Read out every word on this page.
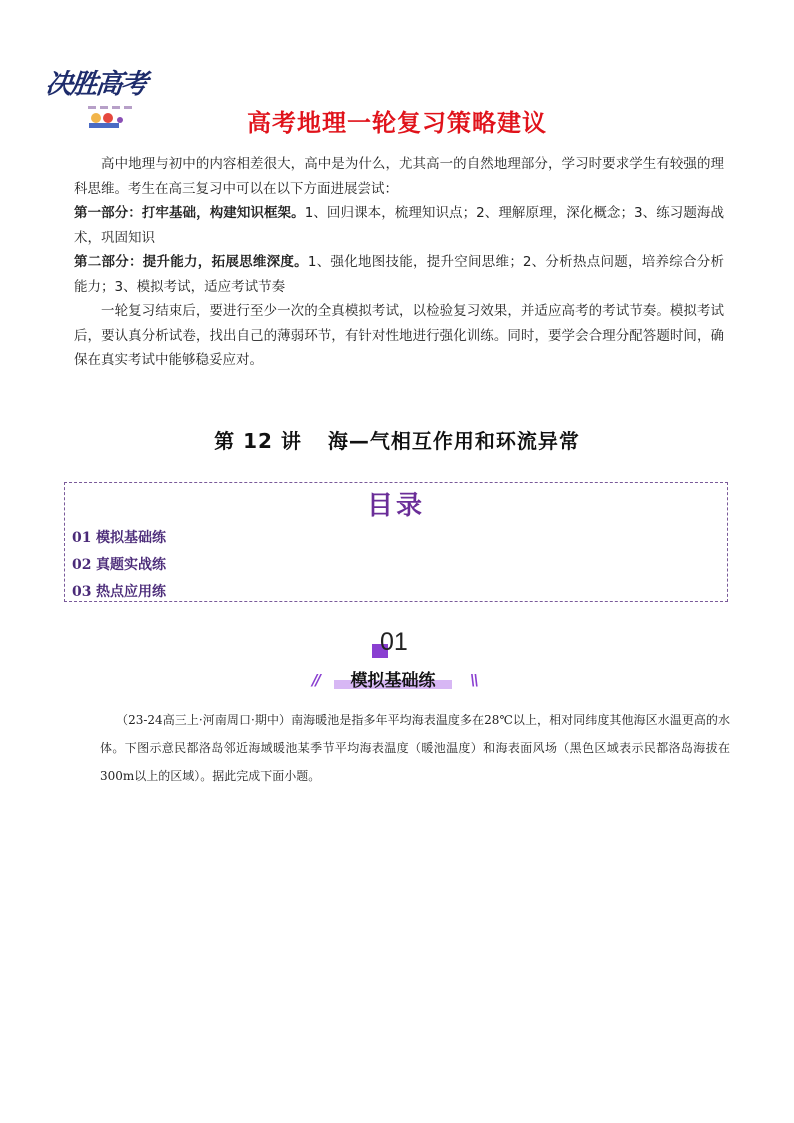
决胜高考
高考地理一轮复习策略建议
高中地理与初中的内容相差很大，高中是为什么，尤其高一的自然地理部分，学习时要求学生有较强的理科思维。考生在高三复习中可以在以下方面进展尝试：
第一部分：打牢基础，构建知识框架。1、回归课本，梳理知识点；2、理解原理，深化概念；3、练习题海战术，巩固知识
第二部分：提升能力，拓展思维深度。1、强化地图技能，提升空间思维；2、分析热点问题，培养综合分析能力；3、模拟考试，适应考试节奏
一轮复习结束后，要进行至少一次的全真模拟考试，以检验复习效果，并适应高考的考试节奏。模拟考试后，要认真分析试卷，找出自己的薄弱环节，有针对性地进行强化训练。同时，要学会合理分配答题时间，确保在真实考试中能够稳妥应对。
第 12 讲 海—气相互作用和环流异常
目录
01 模拟基础练
02 真题实战练
03 热点应用练
01
//	模拟基础练	\\
（23-24高三上·河南周口·期中）南海暖池是指多年平均海表温度多在28℃以上，相对同纬度其他海区水温更高的水体。下图示意民都洛岛邻近海域暖池某季节平均海表温度（暖池温度）和海表面风场（黑色区域表示民都洛岛海拔在300m以上的区域）。据此完成下面小题。
